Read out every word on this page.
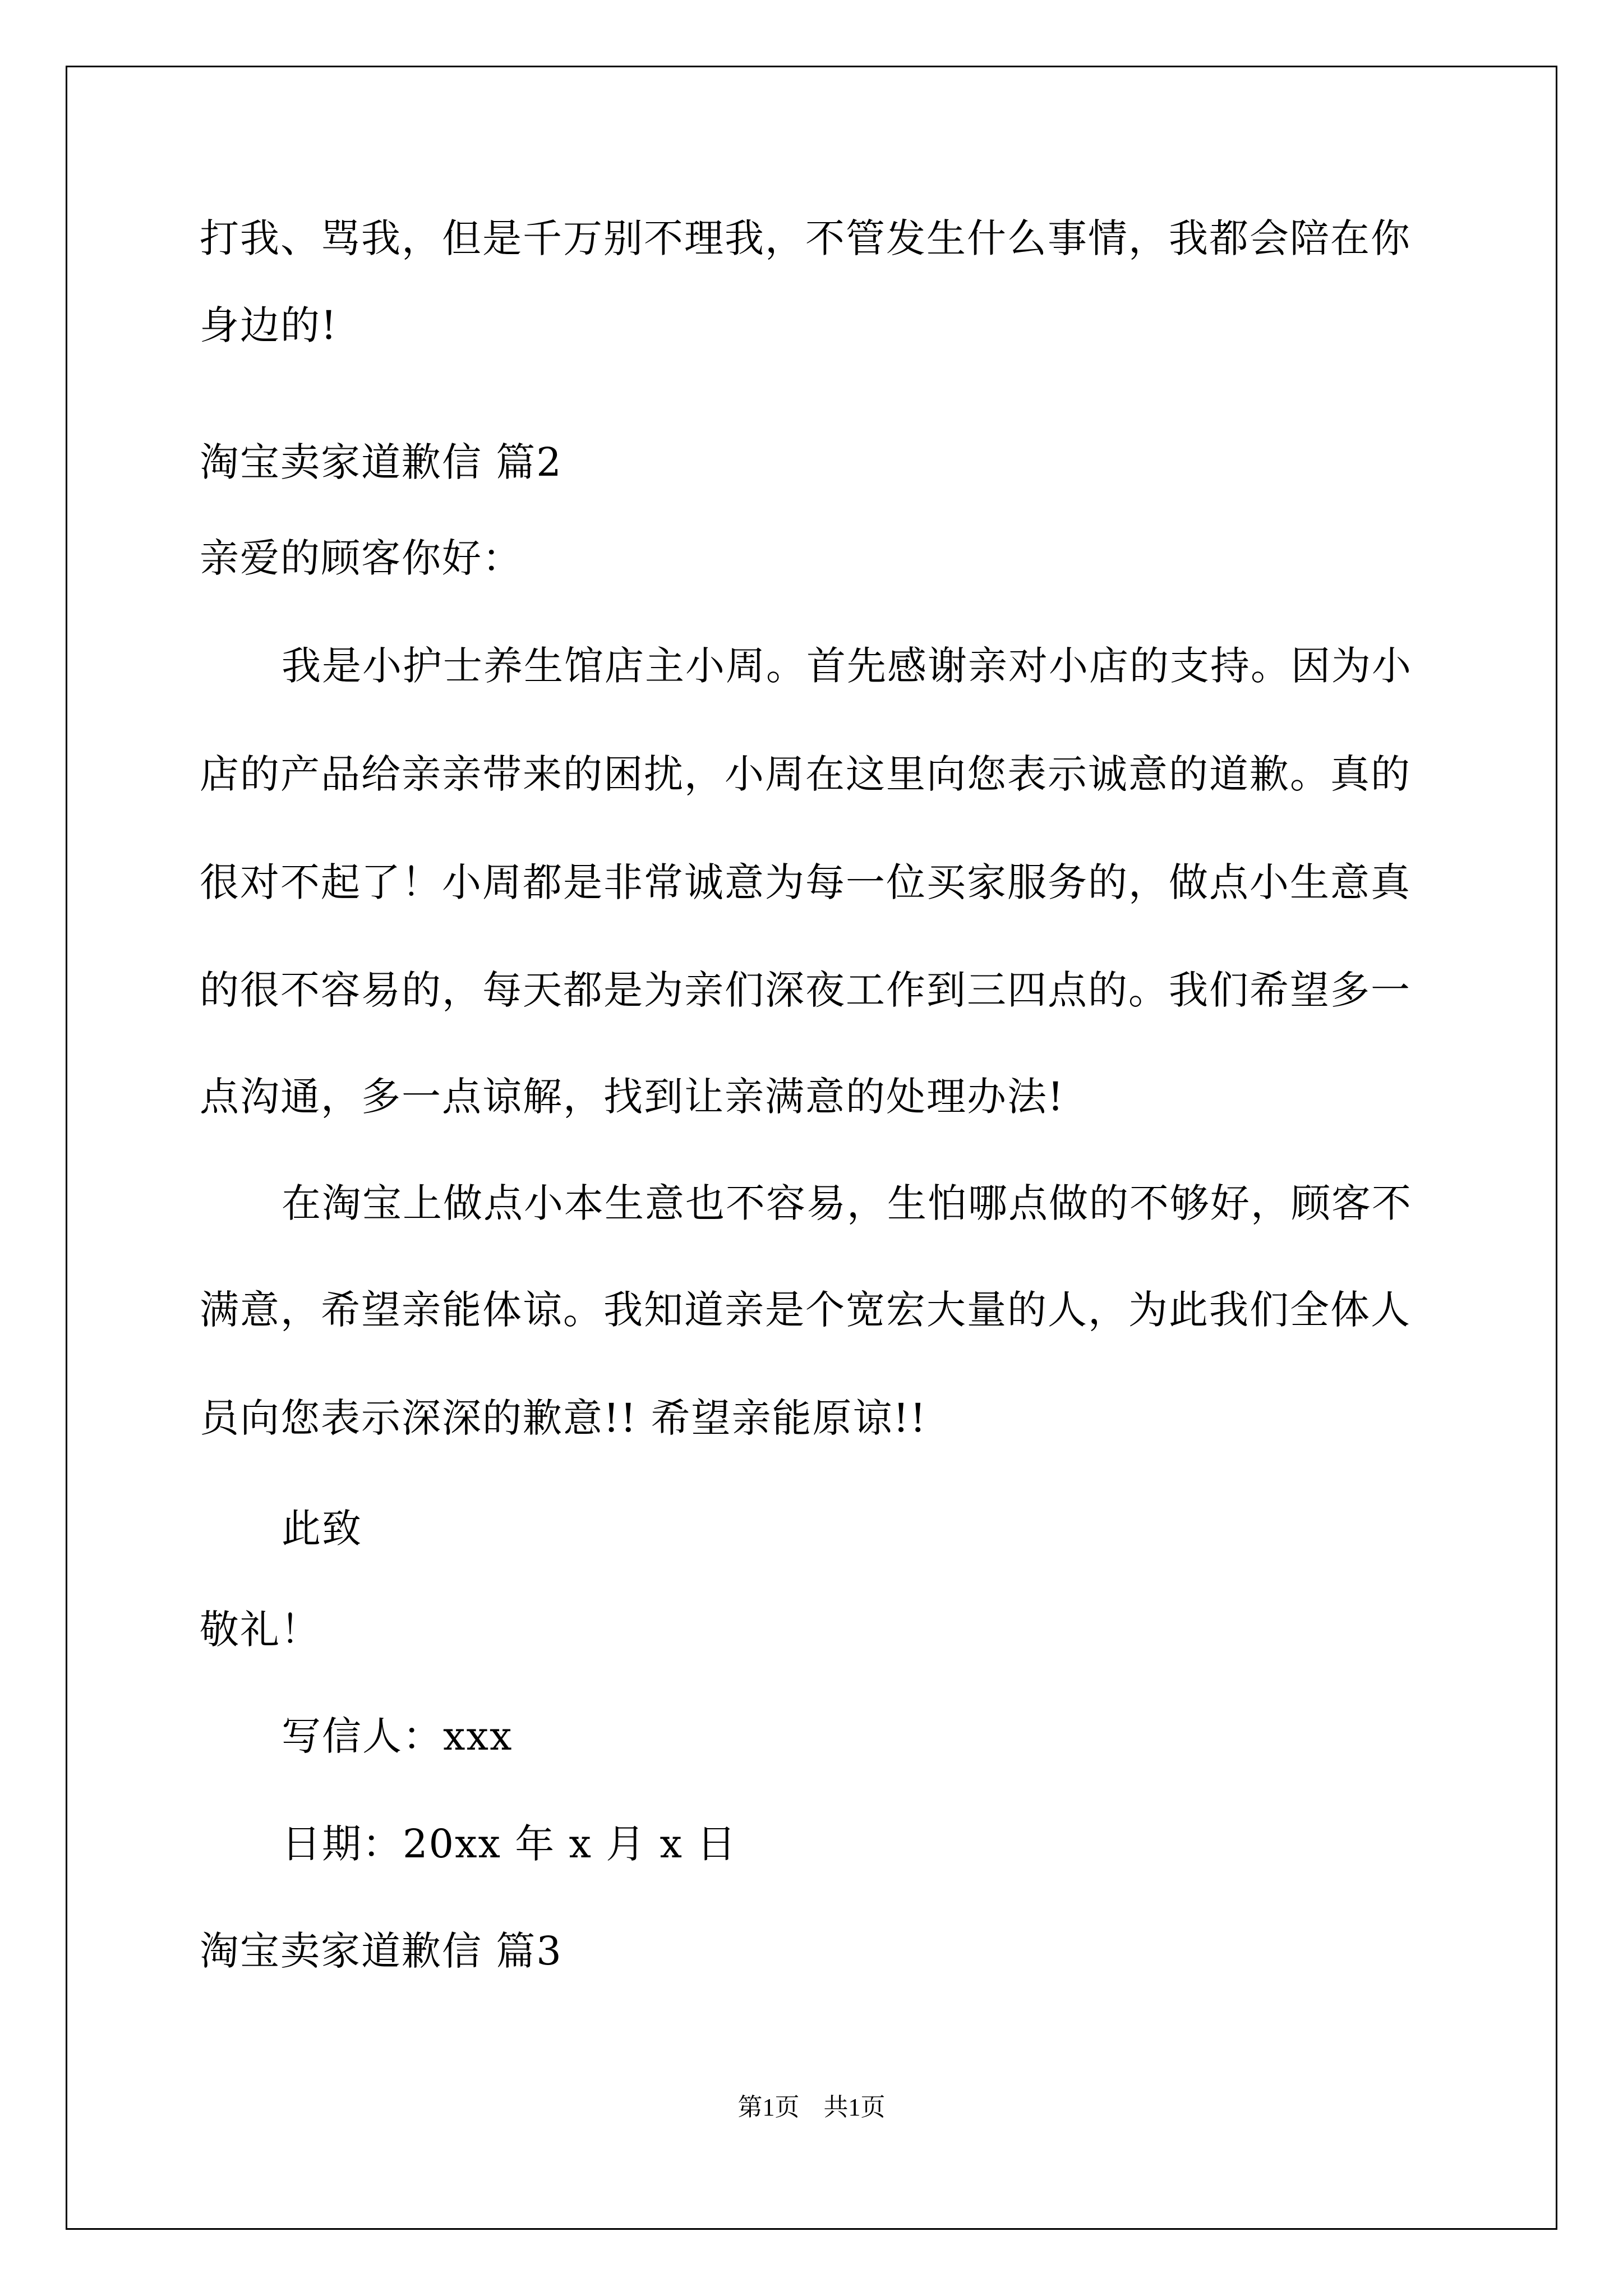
打我、骂我，但是千万别不理我，不管发生什么事情，我都会陪在你
身边的!
淘宝卖家道歉信 篇2
亲爱的顾客你好：
我是小护士养生馆店主小周。首先感谢亲对小店的支持。因为小
店的产品给亲亲带来的困扰，小周在这里向您表示诚意的道歉。真的
很对不起了！小周都是非常诚意为每一位买家服务的，做点小生意真
的很不容易的，每天都是为亲们深夜工作到三四点的。我们希望多一
点沟通，多一点谅解，找到让亲满意的处理办法!
在淘宝上做点小本生意也不容易，生怕哪点做的不够好，顾客不
满意，希望亲能体谅。我知道亲是个宽宏大量的人，为此我们全体人
员向您表示深深的歉意!! 希望亲能原谅!!
此致
敬礼！
写信人：xxx
日期：20xx 年 x 月 x 日
淘宝卖家道歉信 篇3
第1页 共1页
